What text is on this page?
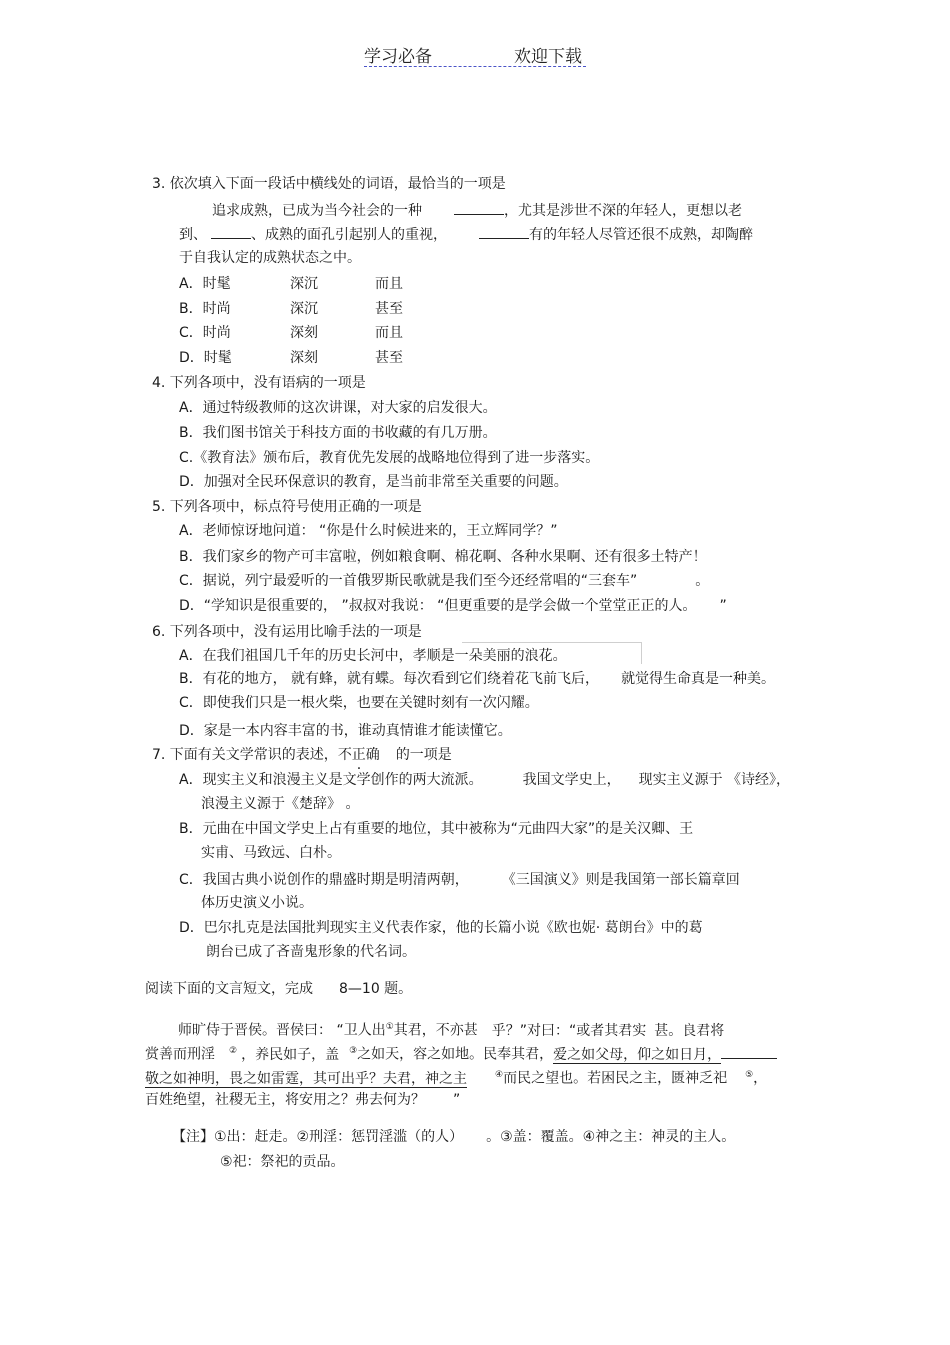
学习必备	欢迎下载
3. 依次填入下面一段话中横线处的词语，最恰当的一项是
追求成熟，已成为当今社会的一种	，尤其是涉世不深的年轻人，更想以老
到、	、成熟的面孔引起别人的重视，	有的年轻人尽管还很不成熟，却陶醉
于自我认定的成熟状态之中。
A．时髦	深沉	而且
B．时尚	深沉	甚至
C．时尚	深刻	而且
D．时髦	深刻	甚至
4. 下列各项中，没有语病的一项是
A．通过特级教师的这次讲课，对大家的启发很大。
B．我们图书馆关于科技方面的书收藏的有几万册。
C.《教育法》颁布后，教育优先发展的战略地位得到了进一步落实。
D．加强对全民环保意识的教育，是当前非常至关重要的问题。
5. 下列各项中，标点符号使用正确的一项是
A．老师惊讶地问道： “你是什么时候进来的，王立辉同学？”
B．我们家乡的物产可丰富啦，例如粮食啊、棉花啊、各种水果啊、还有很多土特产！
C．据说，列宁最爱听的一首俄罗斯民歌就是我们至今还经常唱的“三套车”	。
D．“学知识是很重要的， ”叔叔对我说： “但更重要的是学会做一个堂堂正正的人。 ”
6. 下列各项中，没有运用比喻手法的一项是
A．在我们祖国几千年的历史长河中，孝顺是一朵美丽的浪花。
B．有花的地方， 就有蜂，就有蝶。每次看到它们绕着花飞前飞后， 就觉得生命真是一种美。
C．即使我们只是一根火柴，也要在关键时刻有一次闪耀。
D．家是一本内容丰富的书，谁动真情谁才能读懂它。
7. 下面有关文学常识的表述，不正确 的一项是
A．现实主义和浪漫主义是文学创作的两大流派。	我国文学史上， 现实主义源于 《诗经》，
浪漫主义源于《楚辞》 。
B．元曲在中国文学史上占有重要的地位，其中被称为“元曲四大家”的是关汉卿、王
实甫、马致远、白朴。
C．我国古典小说创作的鼎盛时期是明清两朝，	《三国演义》则是我国第一部长篇章回
体历史演义小说。
D．巴尔扎克是法国批判现实主义代表作家，他的长篇小说《欧也妮· 葛朗台》中的葛
朗台已成了吝啬鬼形象的代名词。
阅读下面的文言短文，完成 8—10 题。
师旷侍于晋侯。晋侯曰： “卫人出①其君，不亦甚 乎？”对曰：“或者其君实 甚。良君将
赏善而刑淫 ② ，养民如子，盖 ③之如天，容之如地。民奉其君，爱之如父母，仰之如日月，
敬之如神明，畏之如雷霆，其可出乎？夫君，神之主	④而民之望也。若困民之主，匮神乏祀 ⑤，
百姓绝望，社稷无主，将安用之？弗去何为？ ”
【注】①出：赶走。②刑淫：惩罚淫滥（的人） 。③盖：覆盖。④神之主：神灵的主人。
⑤祀：祭祀的贡品。
